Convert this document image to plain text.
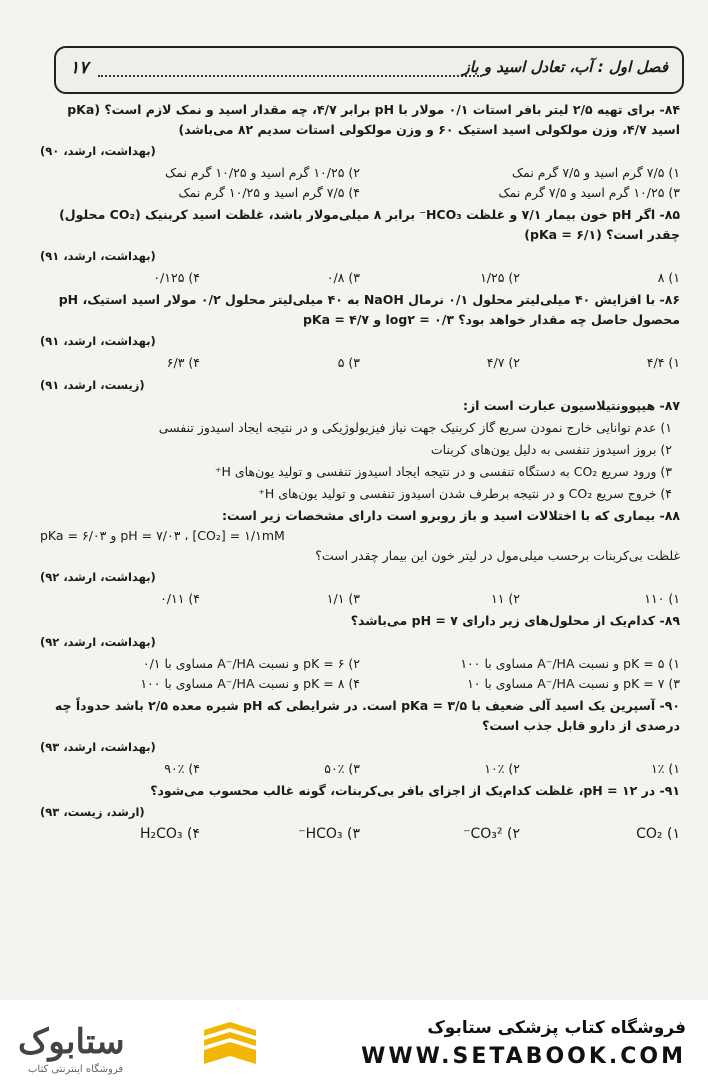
فصل اول : آب، تعادل اسید و باز
۱۷
۸۴- برای تهیه ۲/۵ لیتر بافر استات ۰/۱ مولار با pH برابر ۴/۷، چه مقدار اسید و نمک لازم است؟ (pKa اسید ۴/۷، وزن مولکولی اسید استیک ۶۰ و وزن مولکولی استات سدیم ۸۲ می‌باشد)
(بهداشت، ارشد، ۹۰)
۱) ۷/۵ گرم اسید و ۷/۵ گرم نمک
۲) ۱۰/۲۵ گرم اسید و ۱۰/۲۵ گرم نمک
۳) ۱۰/۲۵ گرم اسید و ۷/۵ گرم نمک
۴) ۷/۵ گرم اسید و ۱۰/۲۵ گرم نمک
۸۵- اگر pH خون بیمار ۷/۱ و غلظت HCO₃⁻ برابر ۸ میلی‌مولار باشد، غلظت اسید کربنیک (CO₂ محلول) چقدر است؟ (pKa = ۶/۱)
(بهداشت، ارشد، ۹۱)
۱) ۸
۲) ۱/۲۵
۳) ۰/۸
۴) ۰/۱۲۵
۸۶- با افزایش ۴۰ میلی‌لیتر محلول ۰/۱ نرمال NaOH به ۴۰ میلی‌لیتر محلول ۰/۲ مولار اسید استیک، pH محصول حاصل چه مقدار خواهد بود؟ log۲ = ۰/۳ و pKa = ۴/۷
(بهداشت، ارشد، ۹۱)
۱) ۴/۴
۲) ۴/۷
۳) ۵
۴) ۶/۳
(زیست، ارشد، ۹۱)
۸۷- هیپوونتیلاسیون عبارت است از:
۱) عدم توانایی خارج نمودن سریع گاز کربنیک جهت نیاز فیزیولوژیکی و در نتیجه ایجاد اسیدوز تنفسی
۲) بروز اسیدوز تنفسی به دلیل یون‌های کربنات
۳) ورود سریع CO₂ به دستگاه تنفسی و در نتیجه ایجاد اسیدوز تنفسی و تولید یون‌های H⁺
۴) خروج سریع CO₂ و در نتیجه برطرف شدن اسیدوز تنفسی و تولید یون‌های H⁺
۸۸- بیماری که با اختلالات اسید و باز روبرو است دارای مشخصات زیر است:
pH = ۷/۰۳ ، [CO₂] = ۱/۱mM و pKa = ۶/۰۳
غلظت بی‌کربنات برحسب میلی‌مول در لیتر خون این بیمار چقدر است؟
(بهداشت، ارشد، ۹۲)
۱) ۱۱۰
۲) ۱۱
۳) ۱/۱
۴) ۰/۱۱
۸۹- کدام‌یک از محلول‌های زیر دارای pH = ۷ می‌باشد؟
(بهداشت، ارشد، ۹۲)
۱) pK = ۵ و نسبت A⁻/HA مساوی با ۱۰۰
۲) pK = ۶ و نسبت A⁻/HA مساوی با ۰/۱
۳) pK = ۷ و نسبت A⁻/HA مساوی با ۱۰
۴) pK = ۸ و نسبت A⁻/HA مساوی با ۱۰۰
۹۰- آسپرین یک اسید آلی ضعیف با pKa = ۳/۵ است. در شرایطی که pH شیره معده ۲/۵ باشد حدوداً چه درصدی از دارو قابل جذب است؟
(بهداشت، ارشد، ۹۳)
۱) ۱٪
۲) ۱۰٪
۳) ۵۰٪
۴) ۹۰٪
۹۱- در pH = ۱۲، غلظت کدام‌یک از اجزای بافر بی‌کربنات، گونه غالب محسوب می‌شود؟
(ارشد، زیست، ۹۳)
۱) CO₂
۲) CO₃²⁻
۳) HCO₃⁻
۴) H₂CO₃
ستابوک
فروشگاه اینترنتی کتاب
فروشگاه کتاب پزشکی ستابوک
WWW.SETABOOK.COM
